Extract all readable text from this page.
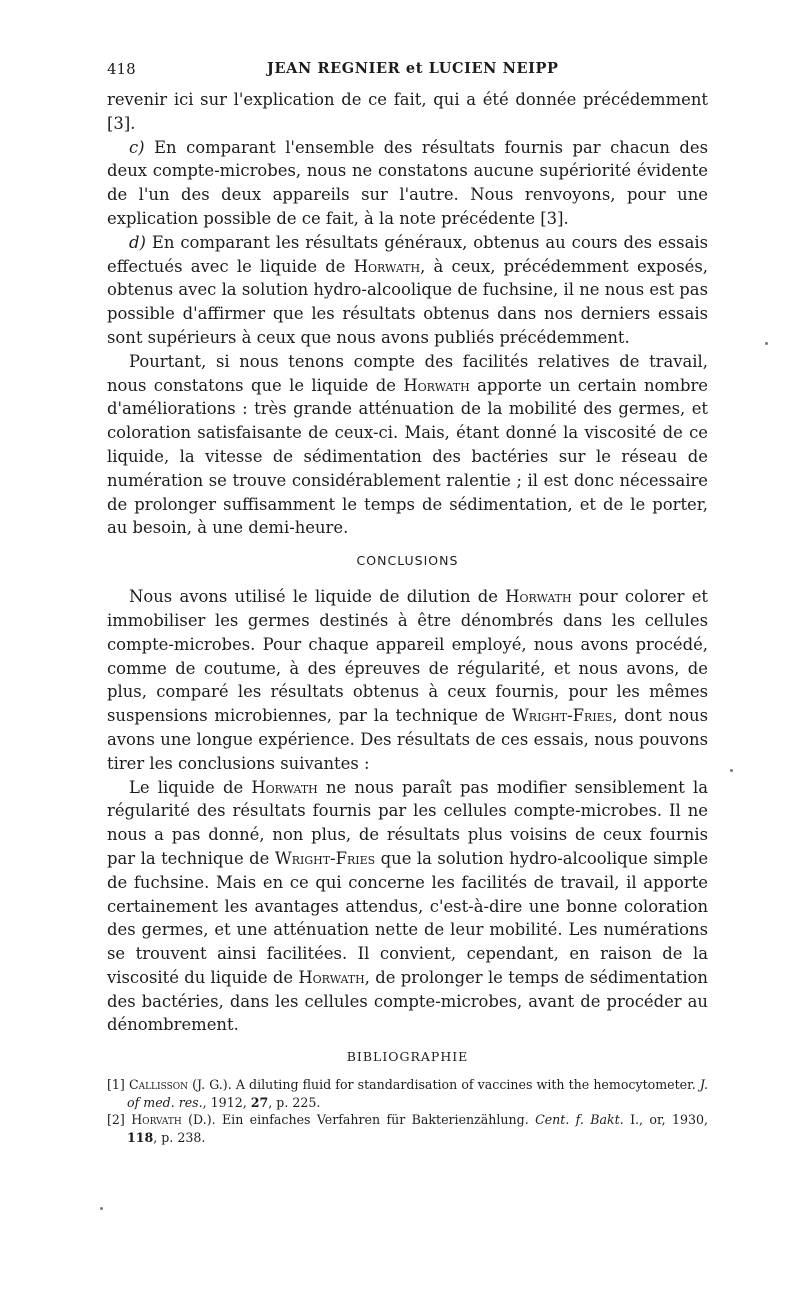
418	JEAN REGNIER et LUCIEN NEIPP

revenir ici sur l'explication de ce fait, qui a été donnée précédemment [3].

c) En comparant l'ensemble des résultats fournis par chacun des deux compte-microbes, nous ne constatons aucune supériorité évidente de l'un des deux appareils sur l'autre. Nous renvoyons, pour une explication possible de ce fait, à la note précédente [3].

d) En comparant les résultats généraux, obtenus au cours des essais effectués avec le liquide de Horwath, à ceux, précédemment exposés, obtenus avec la solution hydro-alcoolique de fuchsine, il ne nous est pas possible d'affirmer que les résultats obtenus dans nos derniers essais sont supérieurs à ceux que nous avons publiés précédemment.

Pourtant, si nous tenons compte des facilités relatives de travail, nous constatons que le liquide de Horwath apporte un certain nombre d'améliorations : très grande atténuation de la mobilité des germes, et coloration satisfaisante de ceux-ci. Mais, étant donné la viscosité de ce liquide, la vitesse de sédimentation des bactéries sur le réseau de numération se trouve considérablement ralentie ; il est donc nécessaire de prolonger suffisamment le temps de sédimentation, et de le porter, au besoin, à une demi-heure.

CONCLUSIONS

Nous avons utilisé le liquide de dilution de Horwath pour colorer et immobiliser les germes destinés à être dénombrés dans les cellules compte-microbes. Pour chaque appareil employé, nous avons procédé, comme de coutume, à des épreuves de régularité, et nous avons, de plus, comparé les résultats obtenus à ceux fournis, pour les mêmes suspensions microbiennes, par la technique de Wright-Fries, dont nous avons une longue expérience. Des résultats de ces essais, nous pouvons tirer les conclusions suivantes :

Le liquide de Horwath ne nous paraît pas modifier sensiblement la régularité des résultats fournis par les cellules compte-microbes. Il ne nous a pas donné, non plus, de résultats plus voisins de ceux fournis par la technique de Wright-Fries que la solution hydro-alcoolique simple de fuchsine. Mais en ce qui concerne les facilités de travail, il apporte certainement les avantages attendus, c'est-à-dire une bonne coloration des germes, et une atténuation nette de leur mobilité. Les numérations se trouvent ainsi facilitées. Il convient, cependant, en raison de la viscosité du liquide de Horwath, de prolonger le temps de sédimentation des bactéries, dans les cellules compte-microbes, avant de procéder au dénombrement.

BIBLIOGRAPHIE
[1] Callisson (J. G.). A diluting fluid for standardisation of vaccines with the hemocytometer. J. of med. res., 1912, 27, p. 225.
[2] Horvath (D.). Ein einfaches Verfahren für Bakterienzählung. Cent. f. Bakt. I., or, 1930, 118, p. 238.
